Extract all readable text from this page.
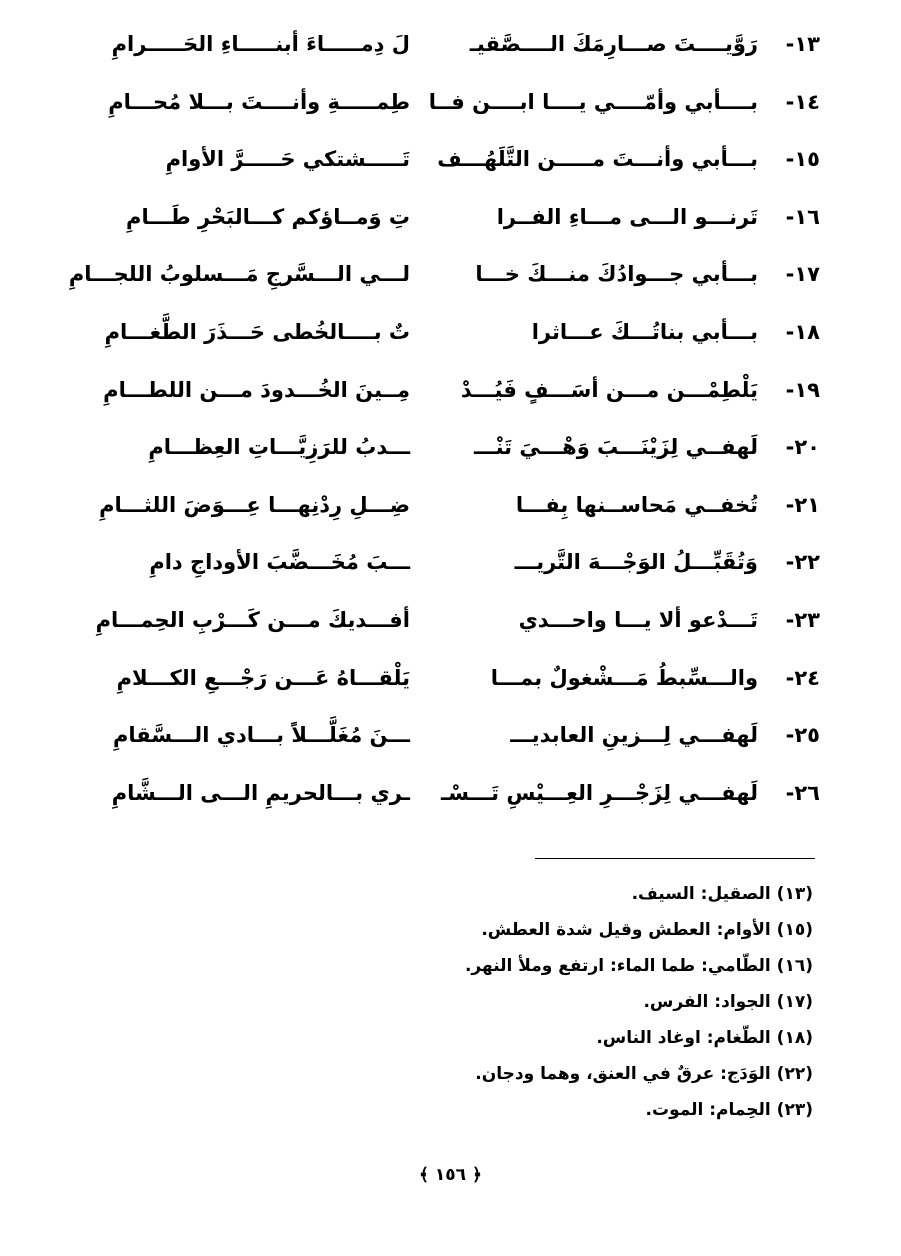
١٣-
رَوَّيــــتَ صـــارِمَكَ الــــصَّقيـ
لَ دِمـــــاءَ أبنـــــاءِ الحَـــــرامِ
١٤-
بــــأبي وأمّــــي يــــا ابــــن فــا
طِمـــــةِ وأنــــتَ بـــلا مُحـــامِ
١٥-
بـــأبي وأنـــتَ مـــــن التَّلَهُـــف
تَـــــشتكي حَـــــرَّ الأوامِ
١٦-
تَرنـــو الـــى مـــاءِ الفــرا
تِ وَمــاؤكم كـــالبَحْرِ طَـــامِ
١٧-
بـــأبي جـــوادُكَ منـــكَ خـــا
لـــي الـــسَّرجِ مَـــسلوبُ اللجـــامِ
١٨-
بـــأبي بناتُـــكَ عـــاثرا
تٌ بــــالخُطى حَـــذَرَ الطَّغـــامِ
١٩-
يَلْطِمْـــن مـــن أسَـــفٍ فَيُـــدْ
مِــينَ الخُـــدودَ مـــن اللطـــامِ
٢٠-
لَهفــي لِزَيْنَـــبَ وَهْـــيَ تَنْـــ
ـــدبُ للرَزِيَّـــاتِ العِظـــامِ
٢١-
تُخفــي مَحاســنها بِفـــا
ضِـــلِ رِدْنِهـــا عِـــوَضَ اللثـــامِ
٢٢-
وَتُقَبِّـــلُ الوَجْـــهَ التَّريـــ
ـــبَ مُخَـــضَّبَ الأوداجِ دامِ
٢٣-
تَـــدْعو ألا يـــا واحـــدي
أفـــديكَ مـــن كَـــرْبِ الحِمـــامِ
٢٤-
والـــسِّبطُ مَـــشْغولٌ بمـــا
يَلْقـــاهُ عَـــن رَجْـــعِ الكـــلامِ
٢٥-
لَهفـــي لِـــزينِ العابديـــ
ـــنَ مُغَلَّـــلاً بـــادي الـــسَّقامِ
٢٦-
لَهفـــي لِزَجْـــرِ العِـــيْسِ تَـــسْـ
ـري بـــالحريمِ الـــى الـــشَّامِ
(١٣) الصقيل: السيف.
(١٥) الأوام: العطش وقيل شدة العطش.
(١٦) الطّامي: طما الماء: ارتفع وملأ النهر.
(١٧) الجواد: الفرس.
(١٨) الطّغام: اوغاد الناس.
(٢٢) الوَدَج: عرقٌ في العنق، وهما ودجان.
(٢٣) الحِمام: الموت.
﴿ ١٥٦ ﴾
